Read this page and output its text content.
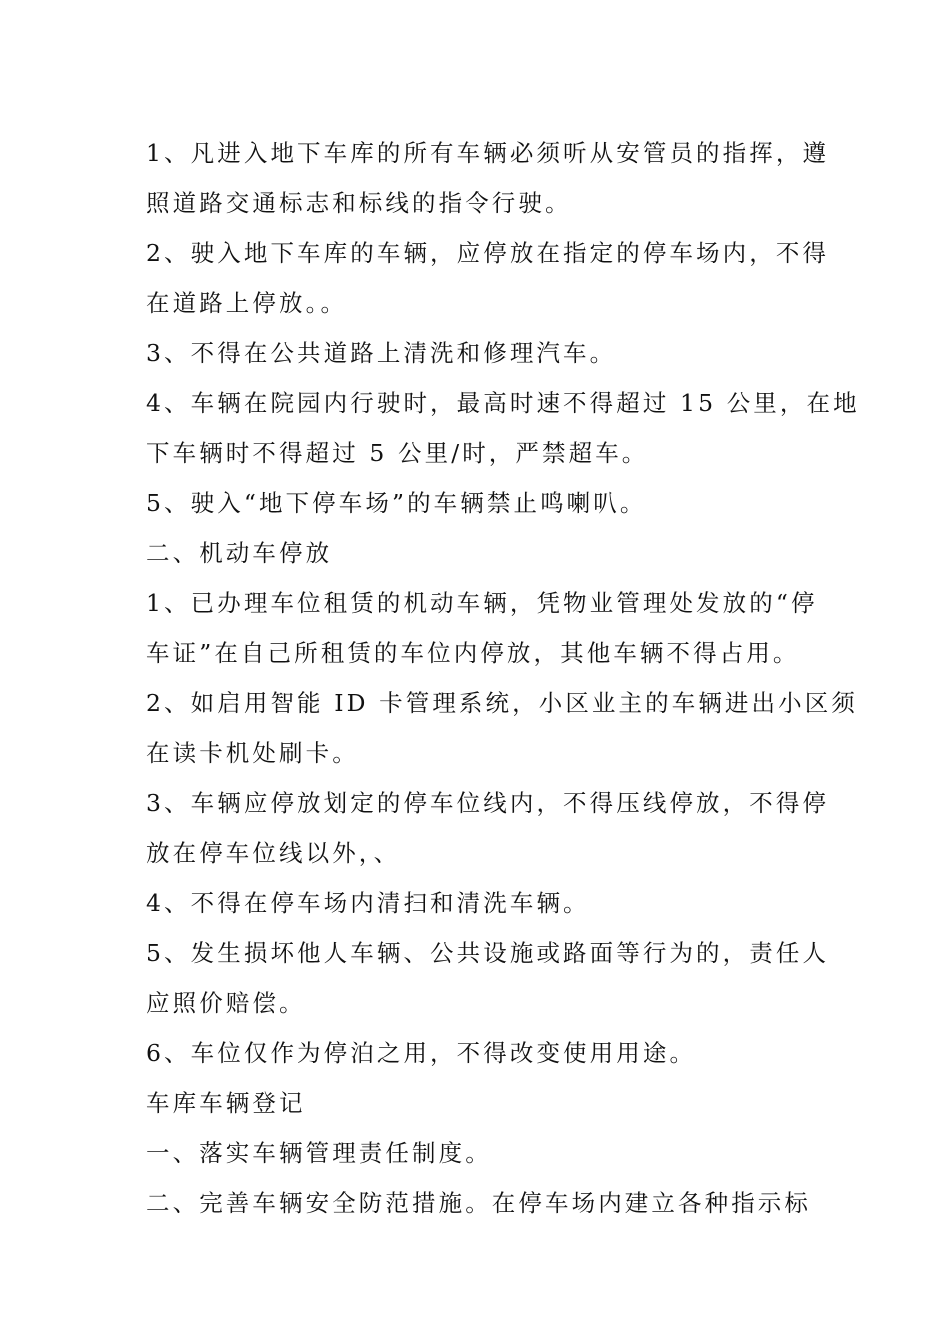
1、凡进入地下车库的所有车辆必须听从安管员的指挥，遵
照道路交通标志和标线的指令行驶。
2、驶入地下车库的车辆，应停放在指定的停车场内，不得
在道路上停放。。
3、不得在公共道路上清洗和修理汽车。
4、车辆在院园内行驶时，最高时速不得超过 15 公里，在地
下车辆时不得超过 5 公里/时，严禁超车。
5、驶入“地下停车场”的车辆禁止鸣喇叭。
二、机动车停放
1、已办理车位租赁的机动车辆，凭物业管理处发放的“停
车证”在自己所租赁的车位内停放，其他车辆不得占用。
2、如启用智能 ID 卡管理系统，小区业主的车辆进出小区须
在读卡机处刷卡。
3、车辆应停放划定的停车位线内，不得压线停放，不得停
放在停车位线以外，、
4、不得在停车场内清扫和清洗车辆。
5、发生损坏他人车辆、公共设施或路面等行为的，责任人
应照价赔偿。
6、车位仅作为停泊之用，不得改变使用用途。
车库车辆登记
一、落实车辆管理责任制度。
二、完善车辆安全防范措施。在停车场内建立各种指示标
